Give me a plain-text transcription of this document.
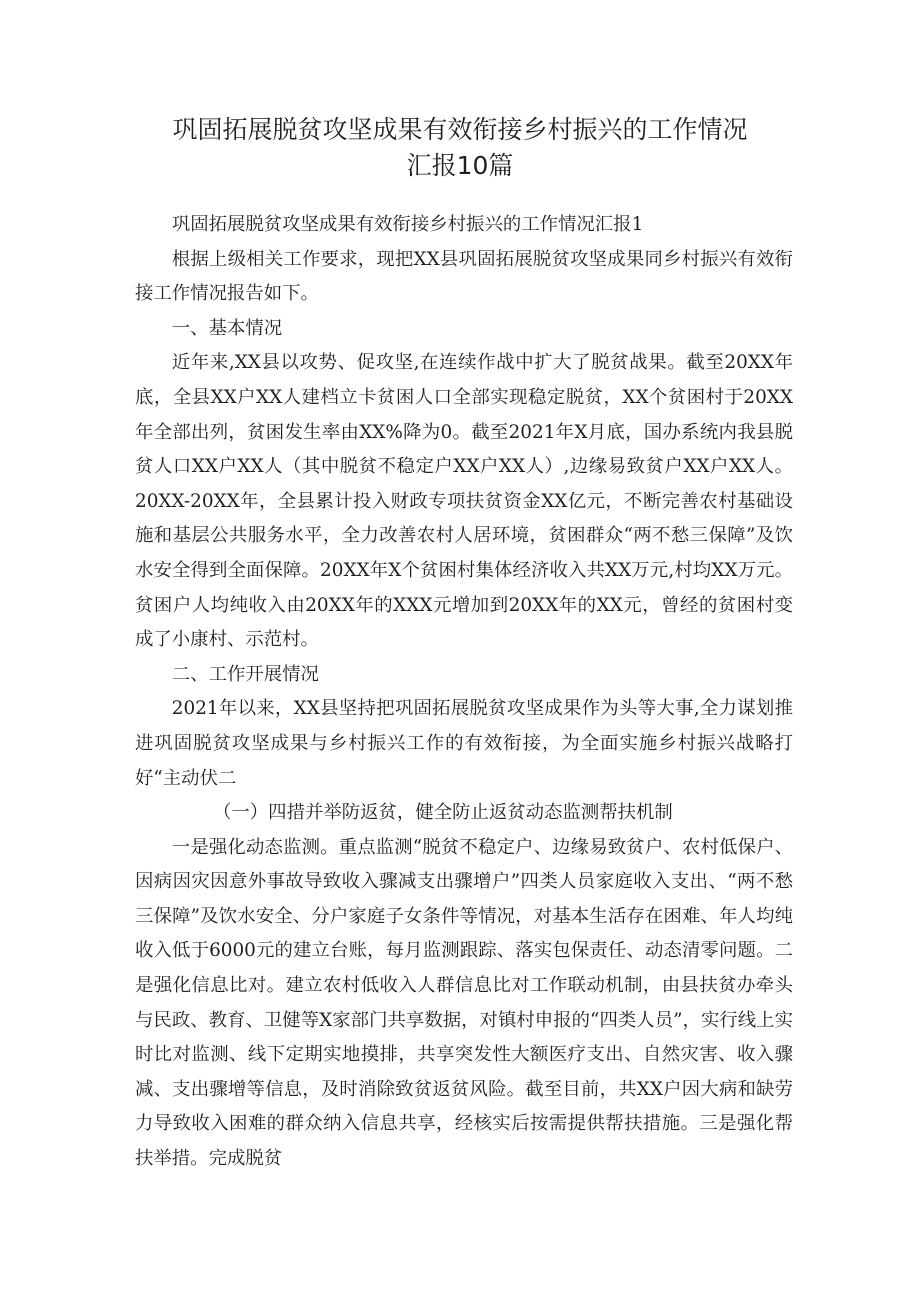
巩固拓展脱贫攻坚成果有效衔接乡村振兴的工作情况
汇报10篇

巩固拓展脱贫攻坚成果有效衔接乡村振兴的工作情况汇报1

根据上级相关工作要求，现把XX县巩固拓展脱贫攻坚成果同乡村振兴有效衔接工作情况报告如下。

一、基本情况

近年来,XX县以攻势、促攻坚,在连续作战中扩大了脱贫战果。截至20XX年底，全县XX户XX人建档立卡贫困人口全部实现稳定脱贫，XX个贫困村于20XX年全部出列，贫困发生率由XX%降为0。截至2021年X月底，国办系统内我县脱贫人口XX户XX人（其中脱贫不稳定户XX户XX人）,边缘易致贫户XX户XX人。20XX-20XX年，全县累计投入财政专项扶贫资金XX亿元，不断完善农村基础设施和基层公共服务水平，全力改善农村人居环境，贫困群众“两不愁三保障”及饮水安全得到全面保障。20XX年X个贫困村集体经济收入共XX万元,村均XX万元。贫困户人均纯收入由20XX年的XXX元增加到20XX年的XX元，曾经的贫困村变成了小康村、示范村。

二、工作开展情况

2021年以来，XX县坚持把巩固拓展脱贫攻坚成果作为头等大事,全力谋划推进巩固脱贫攻坚成果与乡村振兴工作的有效衔接，为全面实施乡村振兴战略打好“主动伏二

（一）四措并举防返贫，健全防止返贫动态监测帮扶机制

一是强化动态监测。重点监测“脱贫不稳定户、边缘易致贫户、农村低保户、因病因灾因意外事故导致收入骤减支出骤增户”四类人员家庭收入支出、“两不愁三保障”及饮水安全、分户家庭子女条件等情况，对基本生活存在困难、年人均纯收入低于6000元的建立台账，每月监测跟踪、落实包保责任、动态清零问题。二是强化信息比对。建立农村低收入人群信息比对工作联动机制，由县扶贫办牵头与民政、教育、卫健等X家部门共享数据，对镇村申报的“四类人员”，实行线上实时比对监测、线下定期实地摸排，共享突发性大额医疗支出、自然灾害、收入骤减、支出骤增等信息，及时消除致贫返贫风险。截至目前，共XX户因大病和缺劳力导致收入困难的群众纳入信息共享，经核实后按需提供帮扶措施。三是强化帮扶举措。完成脱贫
